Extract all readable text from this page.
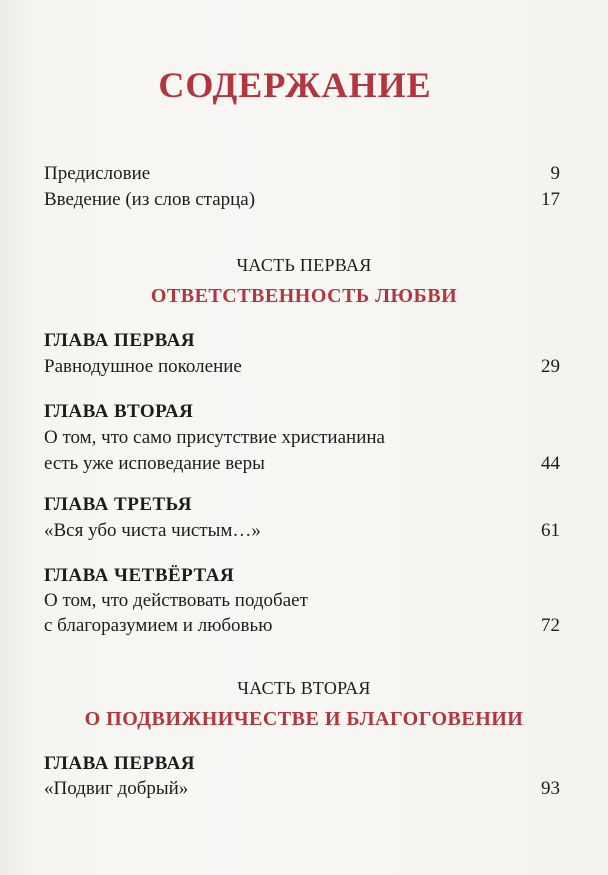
СОДЕРЖАНИЕ
Предисловие	9
Введение (из слов старца)	17
ЧАСТЬ ПЕРВАЯ
ОТВЕТСТВЕННОСТЬ ЛЮБВИ
ГЛАВА ПЕРВАЯ
Равнодушное поколение	29
ГЛАВА ВТОРАЯ
О том, что само присутствие христианина
есть уже исповедание веры	44
ГЛАВА ТРЕТЬЯ
«Вся убо чиста чистым…»	61
ГЛАВА ЧЕТВЁРТАЯ
О том, что действовать подобает
с благоразумием и любовью	72
ЧАСТЬ ВТОРАЯ
О ПОДВИЖНИЧЕСТВЕ И БЛАГОГОВЕНИИ
ГЛАВА ПЕРВАЯ
«Подвиг добрый»	93
